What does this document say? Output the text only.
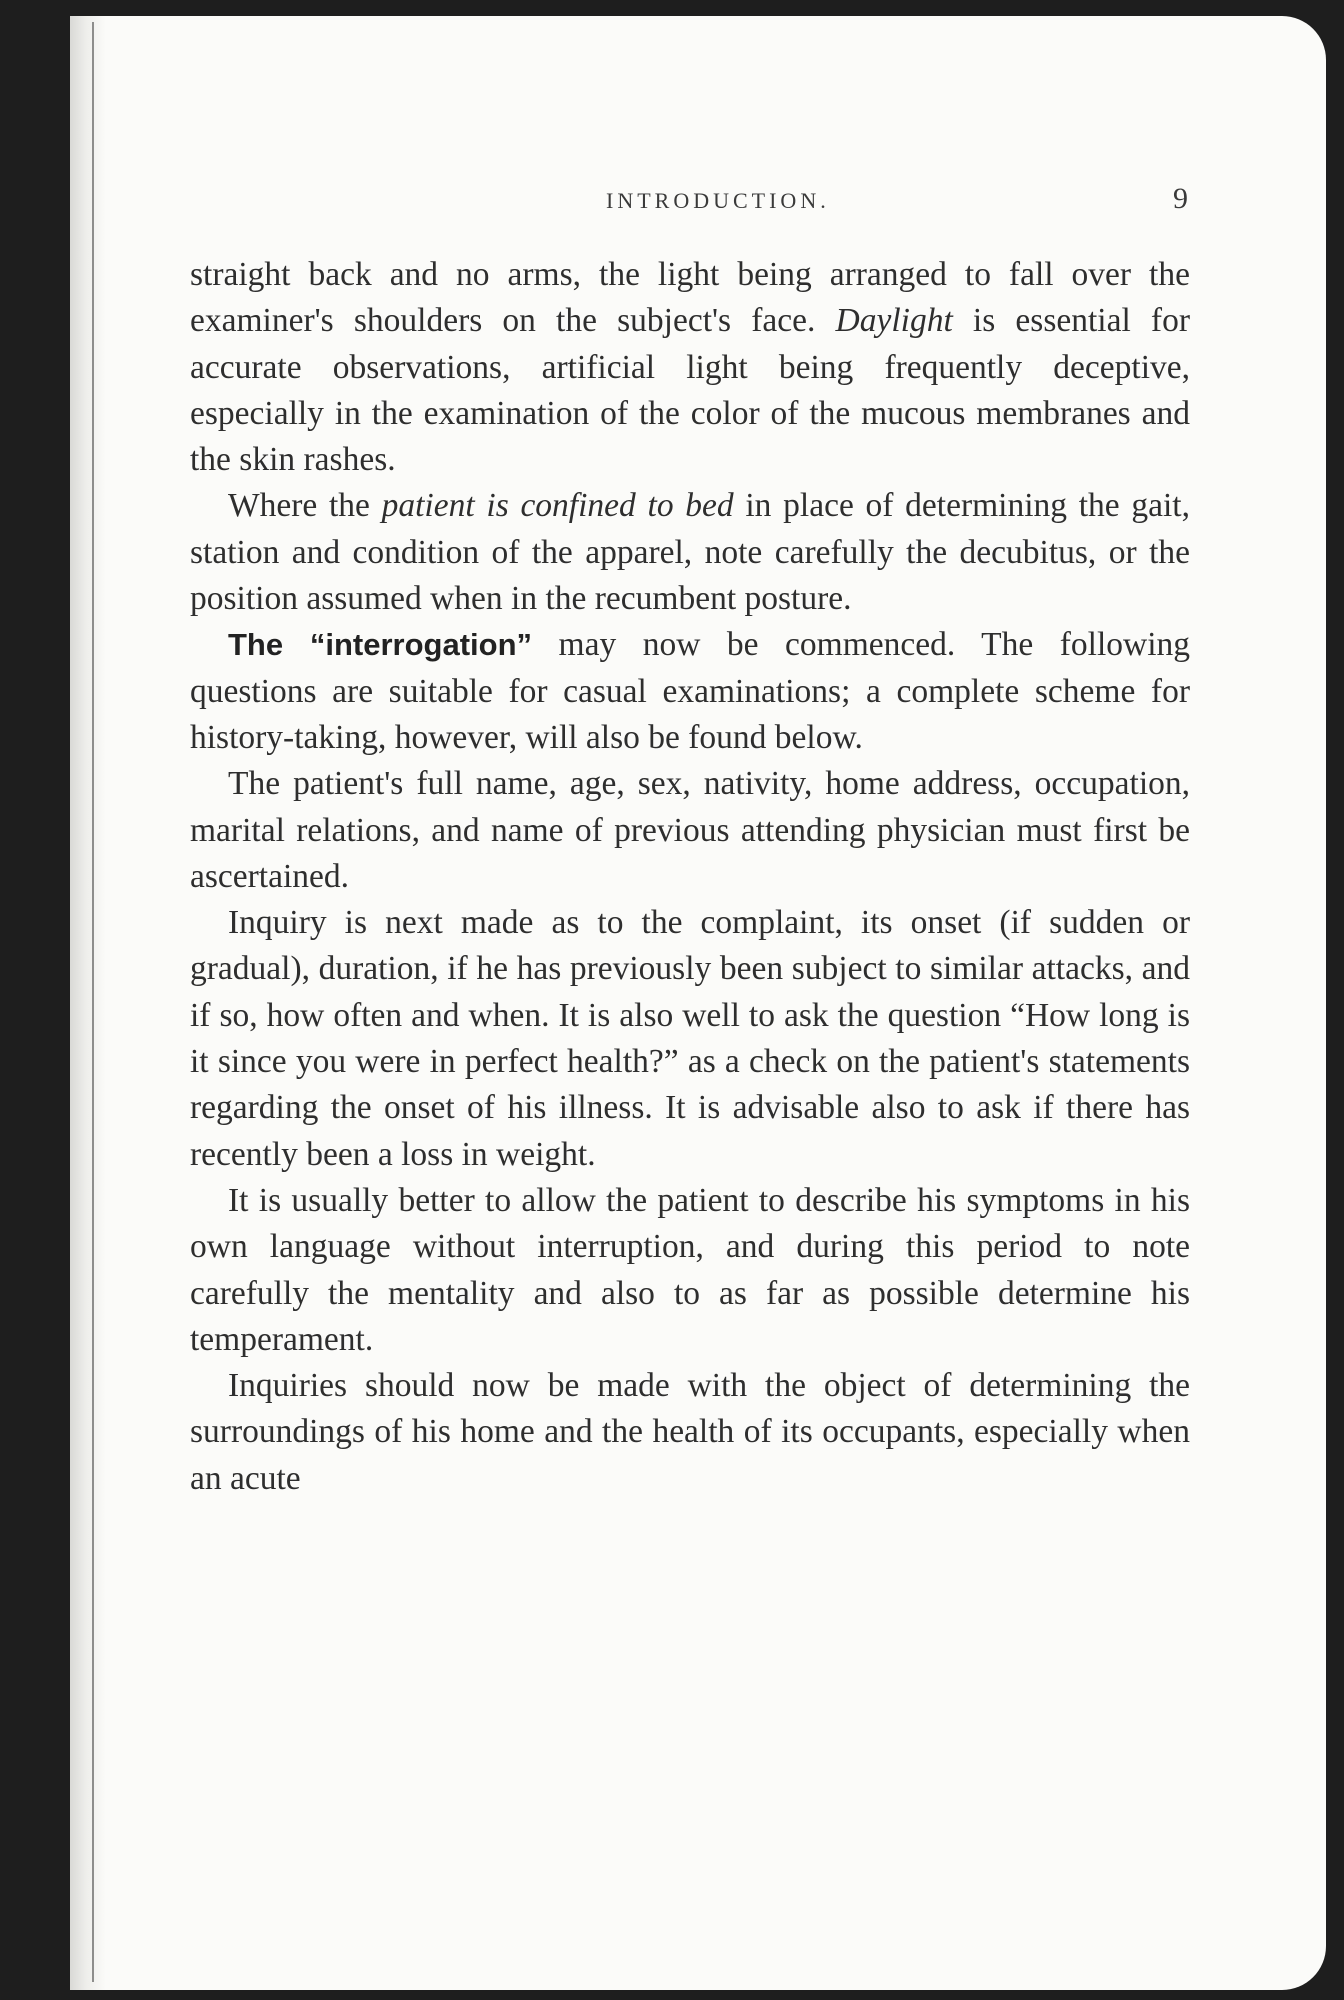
INTRODUCTION.	9

straight back and no arms, the light being arranged to fall over the examiner's shoulders on the subject's face. Daylight is essential for accurate observations, artificial light being frequently deceptive, especially in the examination of the color of the mucous membranes and the skin rashes.

Where the patient is confined to bed in place of determining the gait, station and condition of the apparel, note carefully the decubitus, or the position assumed when in the recumbent posture.

The “interrogation” may now be commenced. The following questions are suitable for casual examinations; a complete scheme for history-taking, however, will also be found below.

The patient's full name, age, sex, nativity, home address, occupation, marital relations, and name of previous attending physician must first be ascertained.

Inquiry is next made as to the complaint, its onset (if sudden or gradual), duration, if he has previously been subject to similar attacks, and if so, how often and when. It is also well to ask the question “How long is it since you were in perfect health?” as a check on the patient's statements regarding the onset of his illness. It is advisable also to ask if there has recently been a loss in weight.

It is usually better to allow the patient to describe his symptoms in his own language without interruption, and during this period to note carefully the mentality and also to as far as possible determine his temperament.

Inquiries should now be made with the object of determining the surroundings of his home and the health of its occupants, especially when an acute
